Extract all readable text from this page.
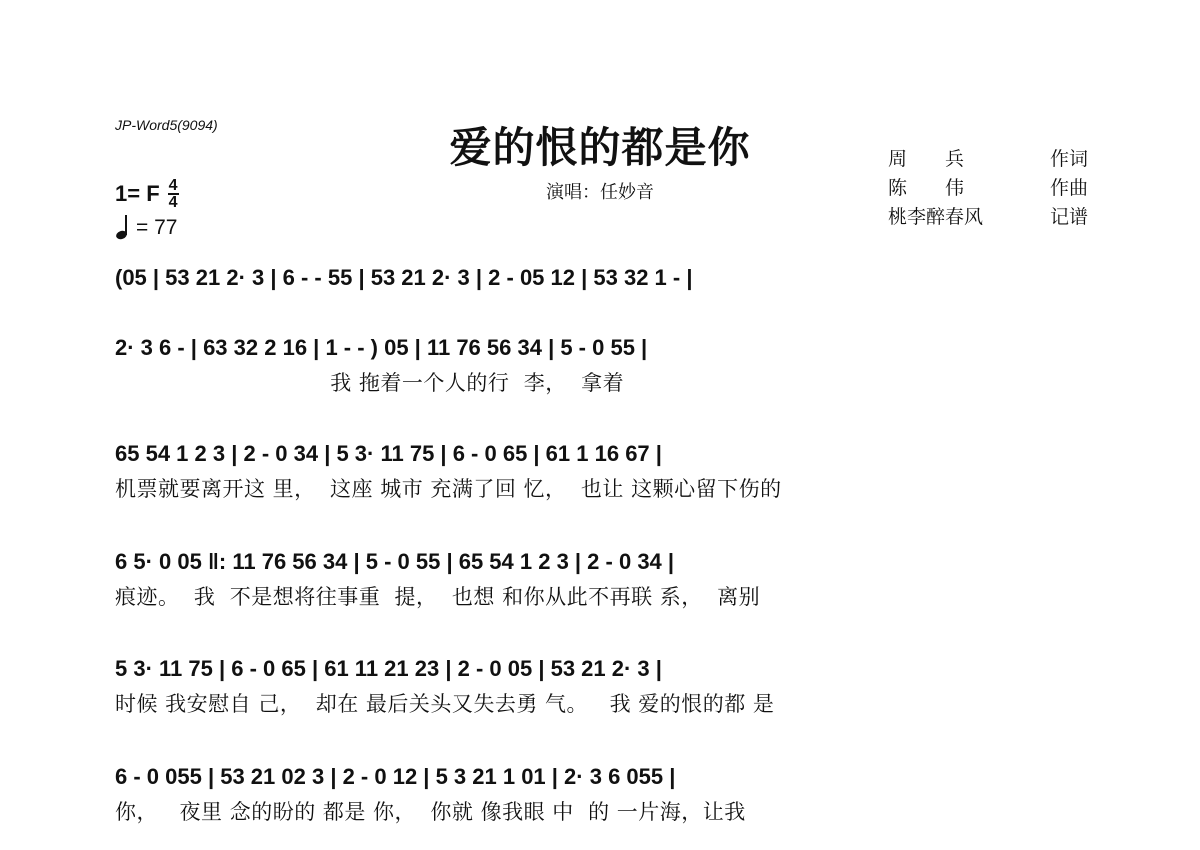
JP-Word5(9094)	爱的恨的都是你
演唱：任妙音
周　　兵	作词
陈　　伟	作曲
桃李醉春风	记谱
1= F $\frac{4}{4}$
= 77
(05 | 53 21 2· 3 | 6 - - 55 | 53 21 2· 3 | 2 - 05 12 | 53 32 1 - |
2· 3 6 - | 63 32 2 16 | 1 - - ) 05 | 11 76 56 34 | 5 - 0 55 |
我 拖着一个人的行  李，  拿着
65 54 1 2 3 | 2 - 0 34 | 5 3· 11 75 | 6 - 0 65 | 61 1 16 67 |
机票就要离开这 里，  这座 城市 充满了回 忆，  也让 这颗心留下伤的
6 5· 0 05 ‖: 11 76 56 34 | 5 - 0 55 | 65 54 1 2 3 | 2 - 0 34 |
痕迹。  我  不是想将往事重  提，  也想 和你从此不再联 系，  离别
5 3· 11 75 | 6 - 0 65 | 61 11 21 23 | 2 - 0 05 | 53 21 2· 3 |
时候 我安慰自 己，  却在 最后关头又失去勇 气。   我 爱的恨的都 是
6 - 0 055 | 53 21 02 3 | 2 - 0 12 | 5 3 21 1 01 | 2· 3 6 055 |
你，   夜里 念的盼的 都是 你，  你就 像我眼 中  的 一片海，让我
